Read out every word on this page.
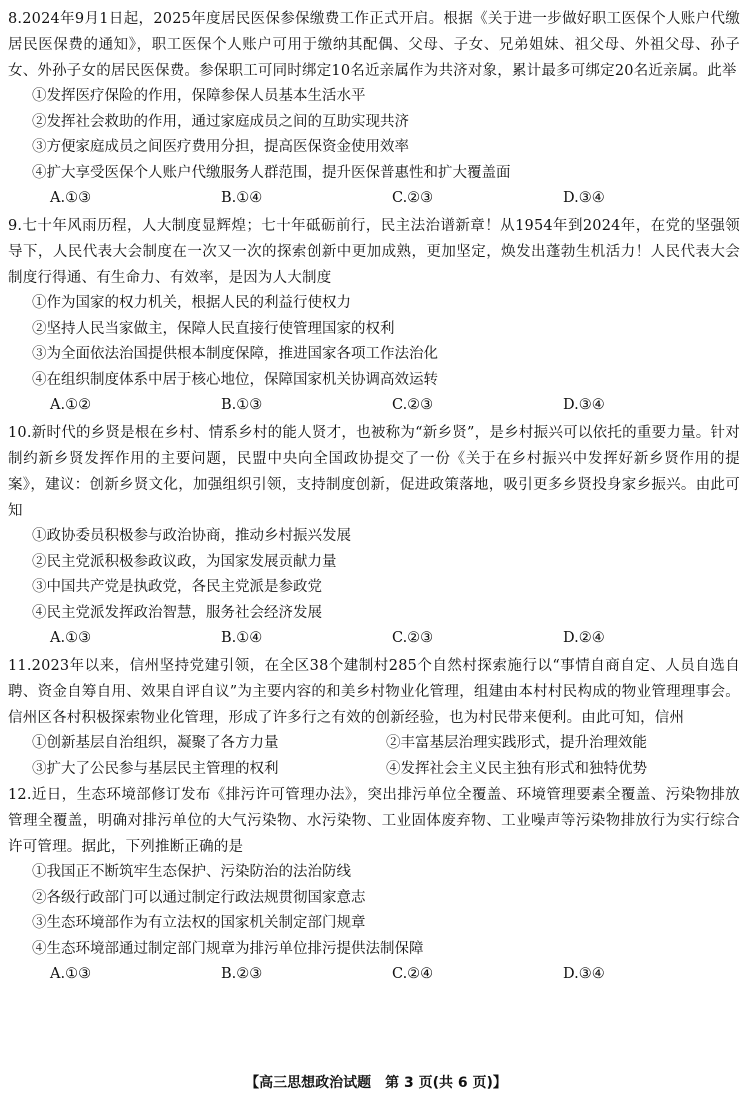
8.2024年9月1日起，2025年度居民医保参保缴费工作正式开启。根据《关于进一步做好职工医保个人账户代缴居民医保费的通知》，职工医保个人账户可用于缴纳其配偶、父母、子女、兄弟姐妹、祖父母、外祖父母、孙子女、外孙子女的居民医保费。参保职工可同时绑定10名近亲属作为共济对象，累计最多可绑定20名近亲属。此举

①发挥医疗保险的作用，保障参保人员基本生活水平

②发挥社会救助的作用，通过家庭成员之间的互助实现共济

③方便家庭成员之间医疗费用分担，提高医保资金使用效率

④扩大享受医保个人账户代缴服务人群范围，提升医保普惠性和扩大覆盖面

A.①③	B.①④	C.②③	D.③④

9.七十年风雨历程，人大制度显辉煌；七十年砥砺前行，民主法治谱新章！从1954年到2024年，在党的坚强领导下，人民代表大会制度在一次又一次的探索创新中更加成熟，更加坚定，焕发出蓬勃生机活力！人民代表大会制度行得通、有生命力、有效率，是因为人大制度

①作为国家的权力机关，根据人民的利益行使权力

②坚持人民当家做主，保障人民直接行使管理国家的权利

③为全面依法治国提供根本制度保障，推进国家各项工作法治化

④在组织制度体系中居于核心地位，保障国家机关协调高效运转

A.①②	B.①③	C.②③	D.③④

10.新时代的乡贤是根在乡村、情系乡村的能人贤才，也被称为“新乡贤”，是乡村振兴可以依托的重要力量。针对制约新乡贤发挥作用的主要问题，民盟中央向全国政协提交了一份《关于在乡村振兴中发挥好新乡贤作用的提案》，建议：创新乡贤文化，加强组织引领，支持制度创新，促进政策落地，吸引更多乡贤投身家乡振兴。由此可知

①政协委员积极参与政治协商，推动乡村振兴发展

②民主党派积极参政议政，为国家发展贡献力量

③中国共产党是执政党，各民主党派是参政党

④民主党派发挥政治智慧，服务社会经济发展

A.①③	B.①④	C.②③	D.②④

11.2023年以来，信州坚持党建引领，在全区38个建制村285个自然村探索施行以“事情自商自定、人员自选自聘、资金自筹自用、效果自评自议”为主要内容的和美乡村物业化管理，组建由本村村民构成的物业管理理事会。信州区各村积极探索物业化管理，形成了许多行之有效的创新经验，也为村民带来便利。由此可知，信州

①创新基层自治组织，凝聚了各方力量	②丰富基层治理实践形式，提升治理效能
③扩大了公民参与基层民主管理的权利	④发挥社会主义民主独有形式和独特优势

12.近日，生态环境部修订发布《排污许可管理办法》，突出排污单位全覆盖、环境管理要素全覆盖、污染物排放管理全覆盖，明确对排污单位的大气污染物、水污染物、工业固体废弃物、工业噪声等污染物排放行为实行综合许可管理。据此，下列推断正确的是

①我国正不断筑牢生态保护、污染防治的法治防线

②各级行政部门可以通过制定行政法规贯彻国家意志

③生态环境部作为有立法权的国家机关制定部门规章

④生态环境部通过制定部门规章为排污单位排污提供法制保障

A.①③	B.②③	C.②④	D.③④
【高三思想政治试题　第 3 页(共 6 页)】
